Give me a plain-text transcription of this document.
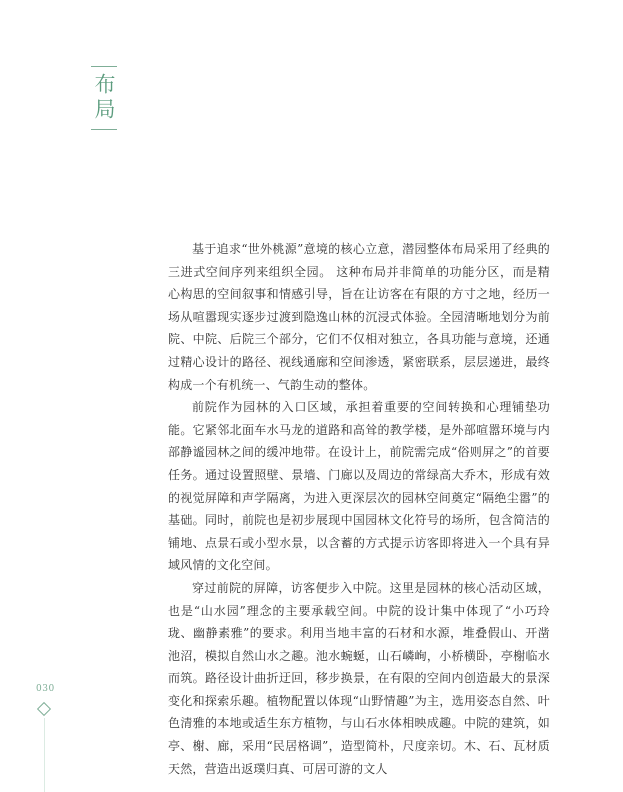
布局

基于追求“世外桃源”意境的核心立意，潜园整体布局采用了经典的三进式空间序列来组织全园。 这种布局并非简单的功能分区，而是精心构思的空间叙事和情感引导，旨在让访客在有限的方寸之地，经历一场从喧嚣现实逐步过渡到隐逸山林的沉浸式体验。全园清晰地划分为前院、中院、后院三个部分，它们不仅相对独立，各具功能与意境，还通过精心设计的路径、视线通廊和空间渗透，紧密联系，层层递进，最终构成一个有机统一、气韵生动的整体。

前院作为园林的入口区域，承担着重要的空间转换和心理铺垫功能。它紧邻北面车水马龙的道路和高耸的教学楼，是外部喧嚣环境与内部静谧园林之间的缓冲地带。在设计上，前院需完成“俗则屏之”的首要任务。通过设置照壁、景墙、门廊以及周边的常绿高大乔木，形成有效的视觉屏障和声学隔离，为进入更深层次的园林空间奠定“隔绝尘嚣”的基础。同时，前院也是初步展现中国园林文化符号的场所，包含简洁的铺地、点景石或小型水景，以含蓄的方式提示访客即将进入一个具有异域风情的文化空间。

穿过前院的屏障，访客便步入中院。这里是园林的核心活动区域，也是“山水园”理念的主要承载空间。中院的设计集中体现了“小巧玲珑、幽静素雅”的要求。利用当地丰富的石材和水源，堆叠假山、开凿池沼，模拟自然山水之趣。池水蜿蜒，山石嶙峋，小桥横卧，亭榭临水而筑。路径设计曲折迂回，移步换景，在有限的空间内创造最大的景深变化和探索乐趣。植物配置以体现“山野情趣”为主，选用姿态自然、叶色清雅的本地或适生东方植物，与山石水体相映成趣。中院的建筑，如亭、榭、廊，采用“民居格调”，造型简朴，尺度亲切。木、石、瓦材质天然，营造出返璞归真、可居可游的文人

030
